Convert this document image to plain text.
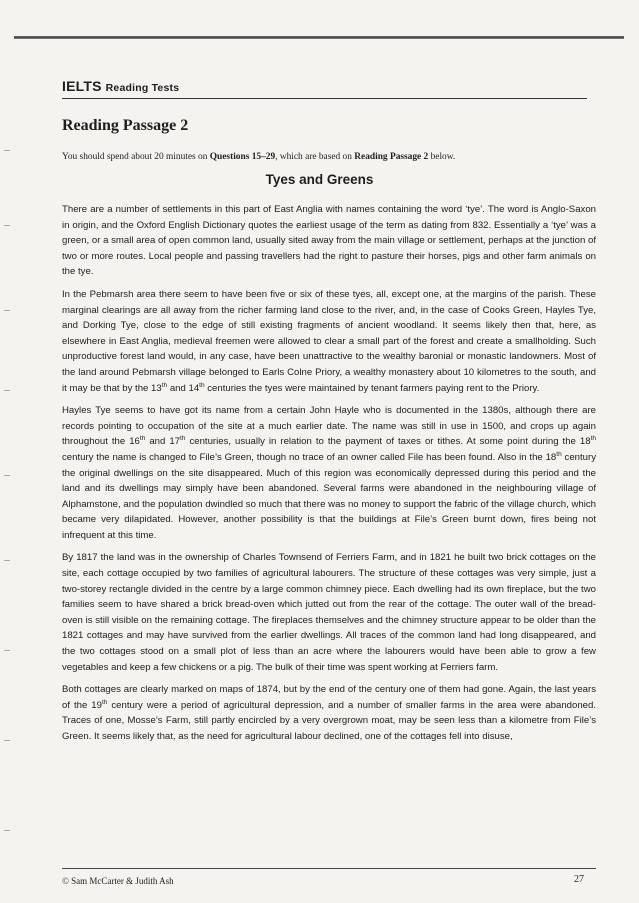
IELTS Reading Tests
Reading Passage 2
You should spend about 20 minutes on Questions 15–29, which are based on Reading Passage 2 below.
Tyes and Greens

There are a number of settlements in this part of East Anglia with names containing the word ‘tye’. The word is Anglo-Saxon in origin, and the Oxford English Dictionary quotes the earliest usage of the term as dating from 832. Essentially a ‘tye’ was a green, or a small area of open common land, usually sited away from the main village or settlement, perhaps at the junction of two or more routes. Local people and passing travellers had the right to pasture their horses, pigs and other farm animals on the tye.

In the Pebmarsh area there seem to have been five or six of these tyes, all, except one, at the margins of the parish. These marginal clearings are all away from the richer farming land close to the river, and, in the case of Cooks Green, Hayles Tye, and Dorking Tye, close to the edge of still existing fragments of ancient woodland. It seems likely then that, here, as elsewhere in East Anglia, medieval freemen were allowed to clear a small part of the forest and create a smallholding. Such unproductive forest land would, in any case, have been unattractive to the wealthy baronial or monastic landowners. Most of the land around Pebmarsh village belonged to Earls Colne Priory, a wealthy monastery about 10 kilometres to the south, and it may be that by the 13th and 14th centuries the tyes were maintained by tenant farmers paying rent to the Priory.

Hayles Tye seems to have got its name from a certain John Hayle who is documented in the 1380s, although there are records pointing to occupation of the site at a much earlier date. The name was still in use in 1500, and crops up again throughout the 16th and 17th centuries, usually in relation to the payment of taxes or tithes. At some point during the 18th century the name is changed to File’s Green, though no trace of an owner called File has been found. Also in the 18th century the original dwellings on the site disappeared. Much of this region was economically depressed during this period and the land and its dwellings may simply have been abandoned. Several farms were abandoned in the neighbouring village of Alphamstone, and the population dwindled so much that there was no money to support the fabric of the village church, which became very dilapidated. However, another possibility is that the buildings at File’s Green burnt down, fires being not infrequent at this time.

By 1817 the land was in the ownership of Charles Townsend of Ferriers Farm, and in 1821 he built two brick cottages on the site, each cottage occupied by two families of agricultural labourers. The structure of these cottages was very simple, just a two-storey rectangle divided in the centre by a large common chimney piece. Each dwelling had its own fireplace, but the two families seem to have shared a brick bread-oven which jutted out from the rear of the cottage. The outer wall of the bread-oven is still visible on the remaining cottage. The fireplaces themselves and the chimney structure appear to be older than the 1821 cottages and may have survived from the earlier dwellings. All traces of the common land had long disappeared, and the two cottages stood on a small plot of less than an acre where the labourers would have been able to grow a few vegetables and keep a few chickens or a pig. The bulk of their time was spent working at Ferriers farm.

Both cottages are clearly marked on maps of 1874, but by the end of the century one of them had gone. Again, the last years of the 19th century were a period of agricultural depression, and a number of smaller farms in the area were abandoned. Traces of one, Mosse’s Farm, still partly encircled by a very overgrown moat, may be seen less than a kilometre from File’s Green. It seems likely that, as the need for agricultural labour declined, one of the cottages fell into disuse,

© Sam McCarter & Judith Ash	27
